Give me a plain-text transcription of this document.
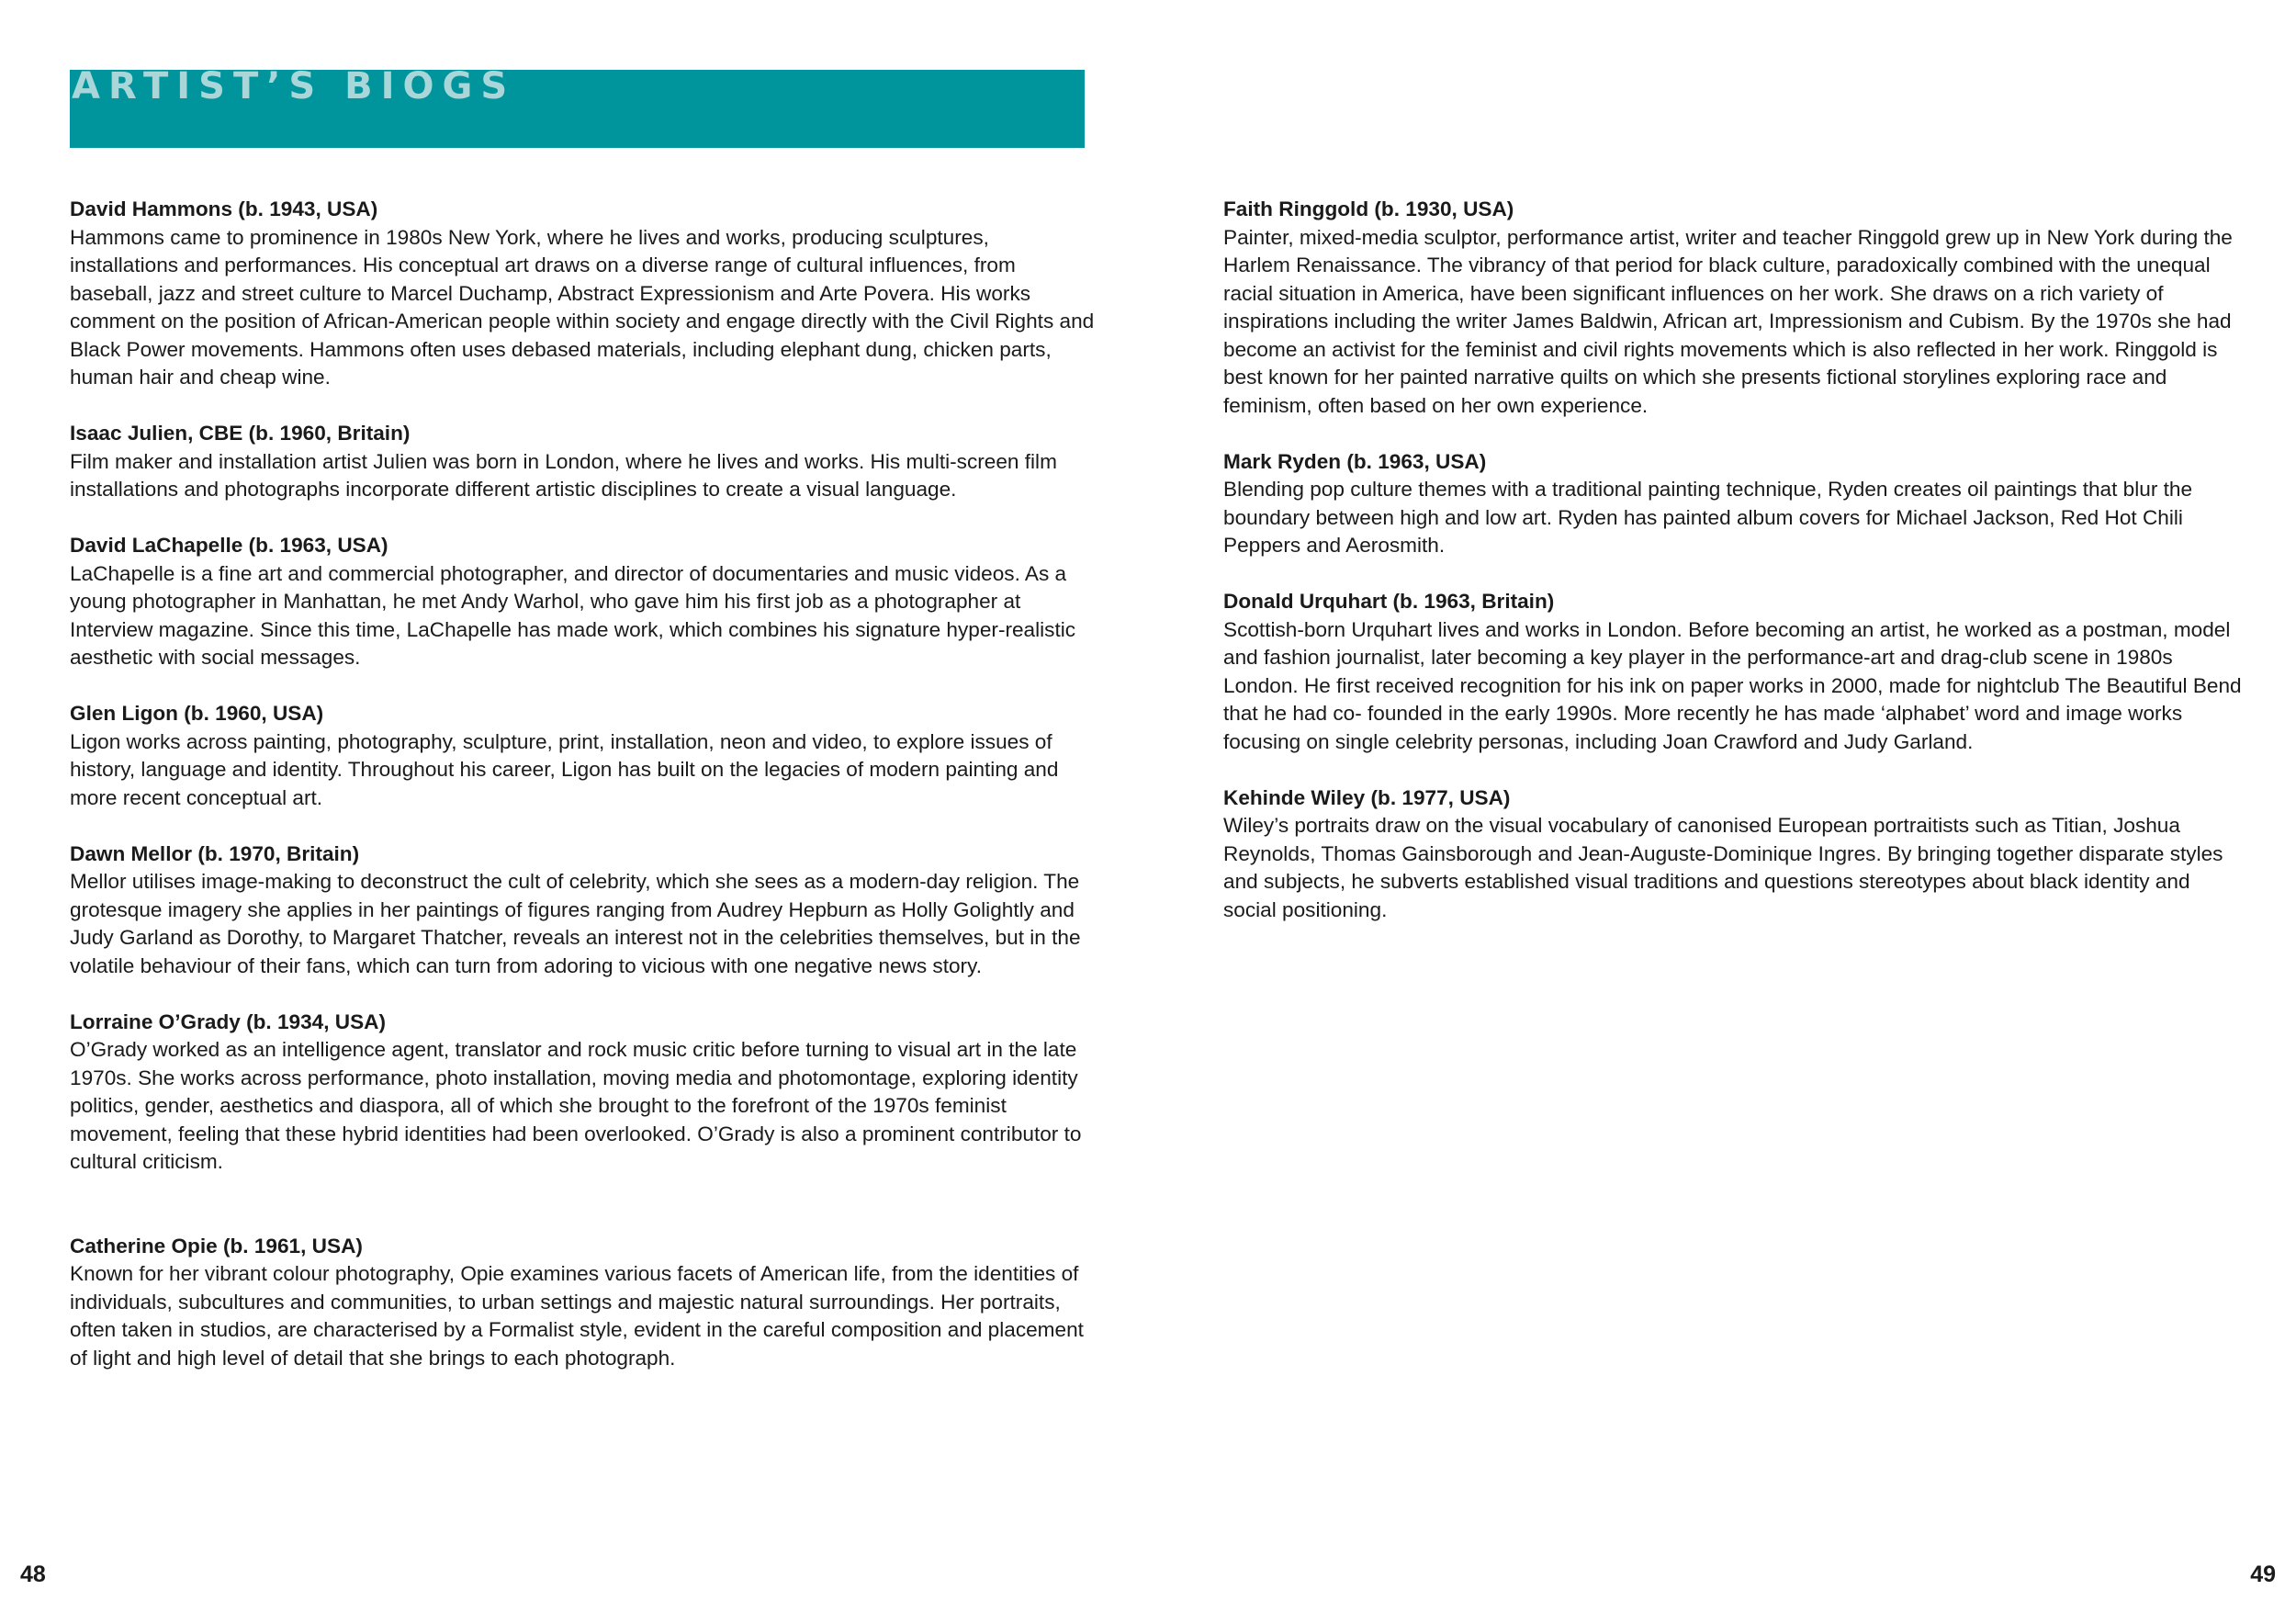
ARTIST’S BIOGS

David Hammons (b. 1943, USA)

Hammons came to prominence in 1980s New York, where he lives and works, producing sculptures, installations and performances. His conceptual art draws on a diverse range of cultural influences, from baseball, jazz and street culture to Marcel Duchamp, Abstract Expressionism and Arte Povera. His works comment on the position of African-American people within society and engage directly with the Civil Rights and Black Power movements. Hammons often uses debased materials, including elephant dung, chicken parts, human hair and cheap wine.

Isaac Julien, CBE (b. 1960, Britain)

Film maker and installation artist Julien was born in London, where he lives and works. His multi-screen film installations and photographs incorporate different artistic disciplines to create a visual language.

David LaChapelle (b. 1963, USA)

LaChapelle is a fine art and commercial photographer, and director of documentaries and music videos. As a young photographer in Manhattan, he met Andy Warhol, who gave him his first job as a photographer at Interview magazine. Since this time, LaChapelle has made work, which combines his signature hyper-realistic aesthetic with social messages.

Glen Ligon (b. 1960, USA)

Ligon works across painting, photography, sculpture, print, installation, neon and video, to explore issues of history, language and identity. Throughout his career, Ligon has built on the legacies of modern painting and more recent conceptual art.

Dawn Mellor (b. 1970, Britain)

Mellor utilises image-making to deconstruct the cult of celebrity, which she sees as a modern-day religion. The grotesque imagery she applies in her paintings of figures ranging from Audrey Hepburn as Holly Golightly and Judy Garland as Dorothy, to Margaret Thatcher, reveals an interest not in the celebrities themselves, but in the volatile behaviour of their fans, which can turn from adoring to vicious with one negative news story.

Lorraine O’Grady (b. 1934, USA)

O’Grady worked as an intelligence agent, translator and rock music critic before turning to visual art in the late 1970s. She works across performance, photo installation, moving media and photomontage, exploring identity politics, gender, aesthetics and diaspora, all of which she brought to the forefront of the 1970s feminist movement, feeling that these hybrid identities had been overlooked. O’Grady is also a prominent contributor to cultural criticism.

Catherine Opie (b. 1961, USA)

Known for her vibrant colour photography, Opie examines various facets of American life, from the identities of individuals, subcultures and communities, to urban settings and majestic natural surroundings. Her portraits, often taken in studios, are characterised by a Formalist style, evident in the careful composition and placement of light and high level of detail that she brings to each photograph.

Faith Ringgold (b. 1930, USA)

Painter, mixed-media sculptor, performance artist, writer and teacher Ringgold grew up in New York during the Harlem Renaissance. The vibrancy of that period for black culture, paradoxically combined with the unequal racial situation in America, have been significant influences on her work. She draws on a rich variety of inspirations including the writer James Baldwin, African art, Impressionism and Cubism. By the 1970s she had become an activist for the feminist and civil rights movements which is also reflected in her work. Ringgold is best known for her painted narrative quilts on which she presents fictional storylines exploring race and feminism, often based on her own experience.

Mark Ryden (b. 1963, USA)

Blending pop culture themes with a traditional painting technique, Ryden creates oil paintings that blur the boundary between high and low art. Ryden has painted album covers for Michael Jackson, Red Hot Chili Peppers and Aerosmith.

Donald Urquhart (b. 1963, Britain)

Scottish-born Urquhart lives and works in London. Before becoming an artist, he worked as a postman, model and fashion journalist, later becoming a key player in the performance-art and drag-club scene in 1980s London. He first received recognition for his ink on paper works in 2000, made for nightclub The Beautiful Bend that he had co- founded in the early 1990s. More recently he has made ‘alphabet’ word and image works focusing on single celebrity personas, including Joan Crawford and Judy Garland.

Kehinde Wiley (b. 1977, USA)

Wiley’s portraits draw on the visual vocabulary of canonised European portraitists such as Titian, Joshua Reynolds, Thomas Gainsborough and Jean-Auguste-Dominique Ingres. By bringing together disparate styles and subjects, he subverts established visual traditions and questions stereotypes about black identity and social positioning.

48	49
